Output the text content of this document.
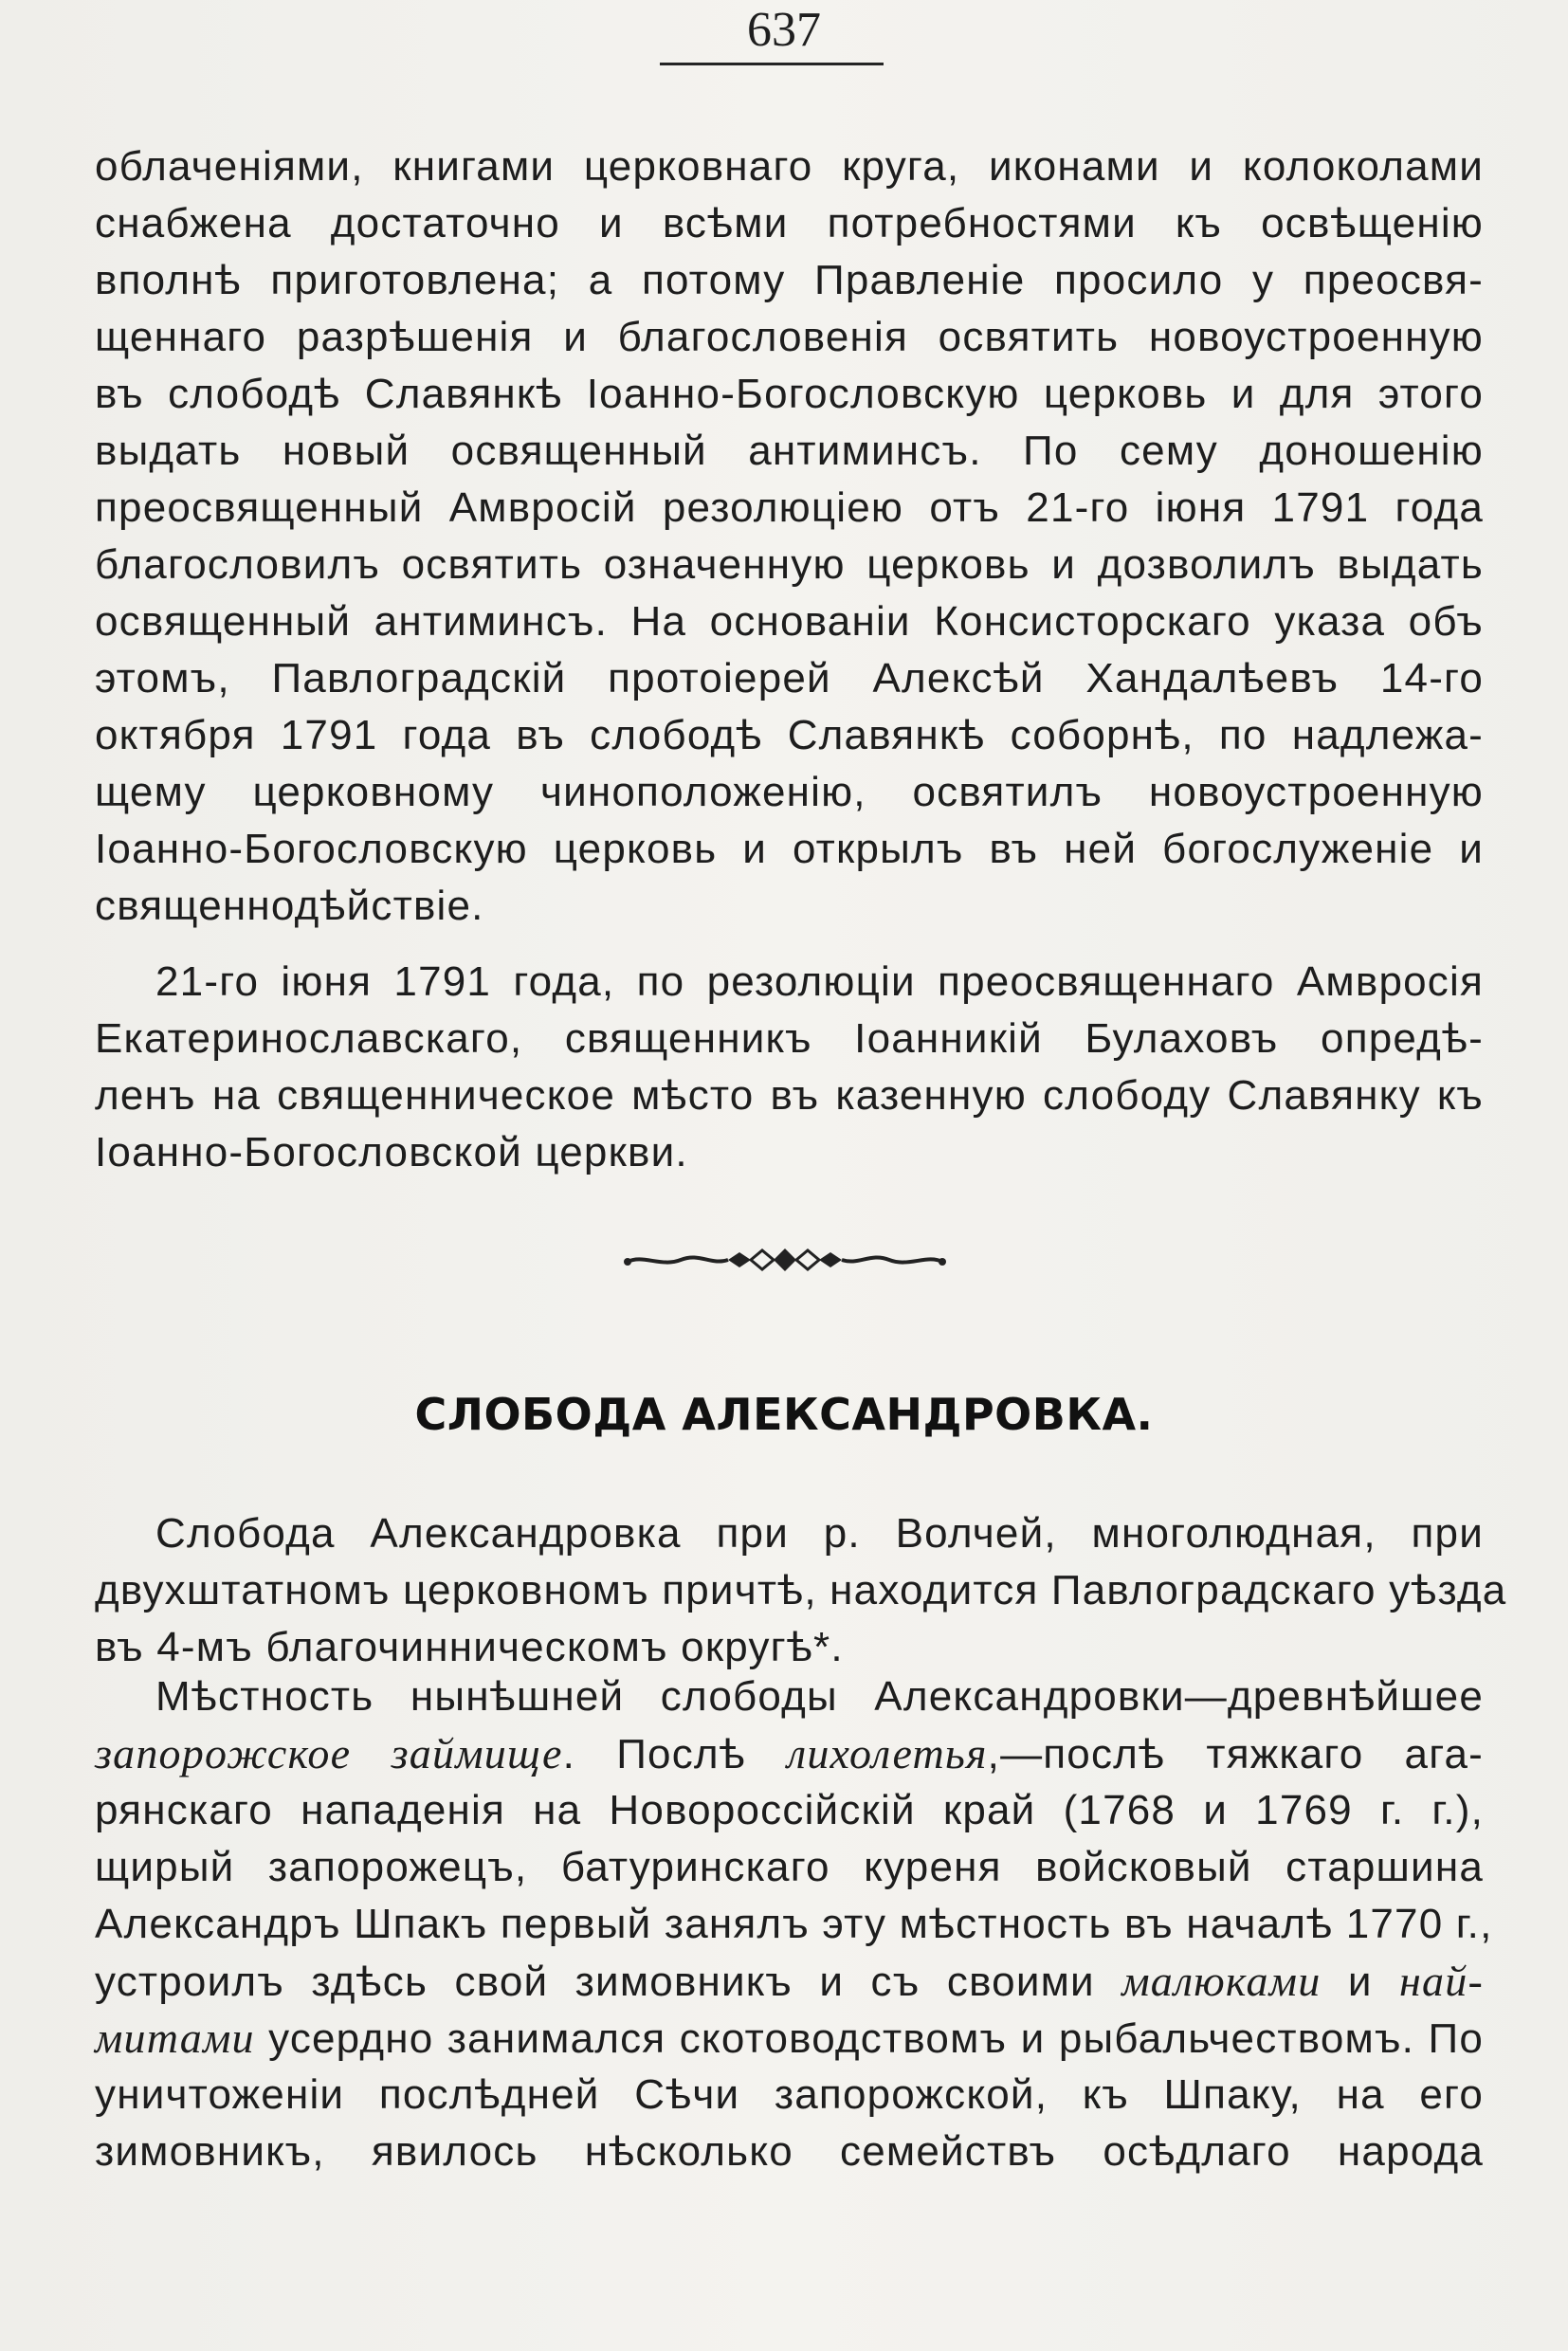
637
облаченіями, книгами церковнаго круга, иконами и колоколами
снабжена достаточно и всѣми потребностями къ освѣщенію
вполнѣ приготовлена; а потому Правленіе просило у преосвя-
щеннаго разрѣшенія и благословенія освятить новоустроенную
въ слободѣ Славянкѣ Іоанно-Богословскую церковь и для этого
выдать новый освященный антиминсъ. По сему доношенію
преосвященный Амвросій резолюціею отъ 21-го іюня 1791 года
благословилъ освятить означенную церковь и дозволилъ выдать
освященный антиминсъ. На основаніи Консисторскаго указа объ
этомъ, Павлоградскій протоіерей Алексѣй Хандалѣевъ 14-го
октября 1791 года въ слободѣ Славянкѣ соборнѣ, по надлежа-
щему церковному чиноположенію, освятилъ новоустроенную
Іоанно-Богословскую церковь и открылъ въ ней богослуженіе и
священнодѣйствіе.
21-го іюня 1791 года, по резолюціи преосвященнаго Амвросія
Екатеринославскаго, священникъ Іоанникій Булаховъ опредѣ-
ленъ на священническое мѣсто въ казенную слободу Славянку къ
Іоанно-Богословской церкви.
СЛОБОДА АЛЕКСАНДРОВКА.
Слобода Александровка при р. Волчей, многолюдная, при
двухштатномъ церковномъ причтѣ, находится Павлоградскаго уѣзда
въ 4-мъ благочинническомъ округѣ*.
Мѣстность нынѣшней слободы Александровки—древнѣйшее
запорожское займище. Послѣ лихолетья,—послѣ тяжкаго ага-
рянскаго нападенія на Новороссійскій край (1768 и 1769 г. г.),
щирый запорожецъ, батуринскаго куреня войсковый старшина
Александръ Шпакъ первый занялъ эту мѣстность въ началѣ 1770 г.,
устроилъ здѣсь свой зимовникъ и съ своими малюками и най-
митами усердно занимался скотоводствомъ и рыбальчествомъ. По
уничтоженіи послѣдней Сѣчи запорожской, къ Шпаку, на его
зимовникъ, явилось нѣсколько семействъ осѣдлаго народа
